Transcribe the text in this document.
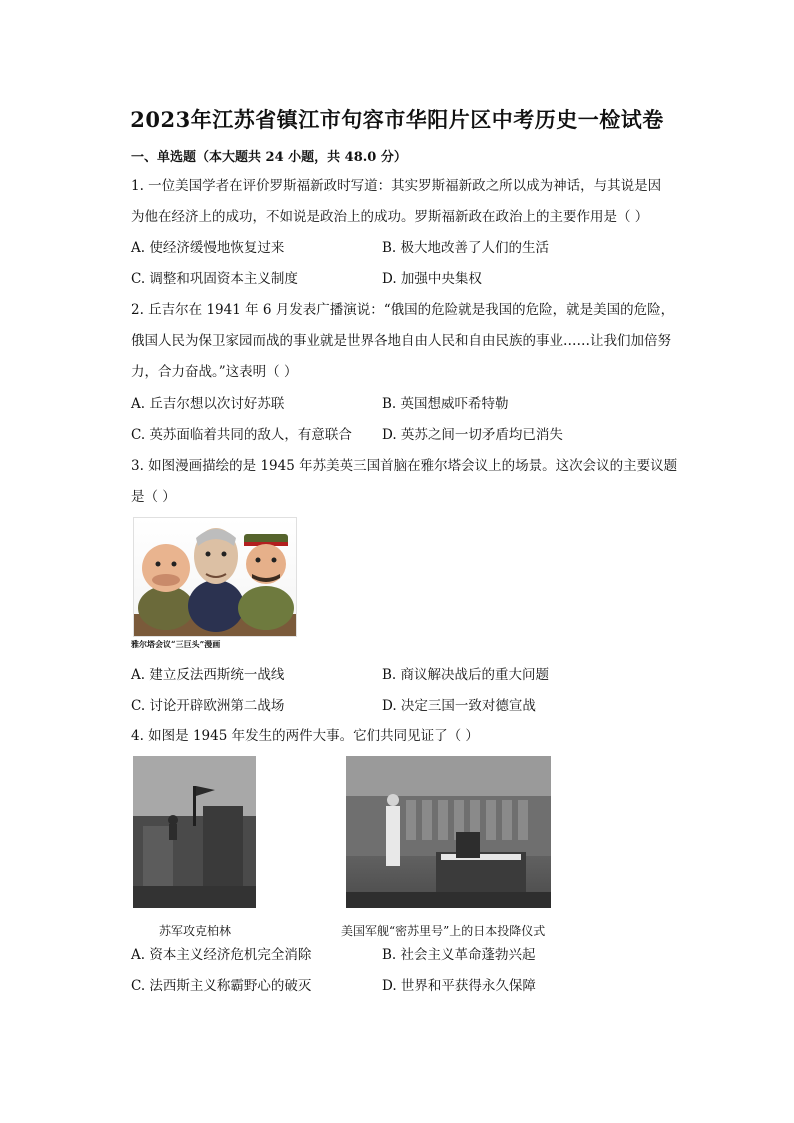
2023年江苏省镇江市句容市华阳片区中考历史一检试卷
一、单选题（本大题共 24 小题，共 48.0 分）
1. 一位美国学者在评价罗斯福新政时写道：其实罗斯福新政之所以成为神话，与其说是因
为他在经济上的成功，不如说是政治上的成功。罗斯福新政在政治上的主要作用是（ ）
A. 使经济缓慢地恢复过来	B. 极大地改善了人们的生活
C. 调整和巩固资本主义制度	D. 加强中央集权
2. 丘吉尔在 1941 年 6 月发表广播演说：“俄国的危险就是我国的危险，就是美国的危险，
俄国人民为保卫家园而战的事业就是世界各地自由人民和自由民族的事业……让我们加倍努
力，合力奋战。”这表明（ ）
A. 丘吉尔想以次讨好苏联	B. 英国想威吓希特勒
C. 英苏面临着共同的敌人，有意联合 D. 英苏之间一切矛盾均已消失
3. 如图漫画描绘的是 1945 年苏美英三国首脑在雅尔塔会议上的场景。这次会议的主要议题
是（ ）
雅尔塔会议“三巨头”漫画
A. 建立反法西斯统一战线	B. 商议解决战后的重大问题
C. 讨论开辟欧洲第二战场	D. 决定三国一致对德宣战
4. 如图是 1945 年发生的两件大事。它们共同见证了（ ）
苏军攻克柏林	美国军舰“密苏里号”上的日本投降仪式
A. 资本主义经济危机完全消除	B. 社会主义革命蓬勃兴起
C. 法西斯主义称霸野心的破灭	D. 世界和平获得永久保障
